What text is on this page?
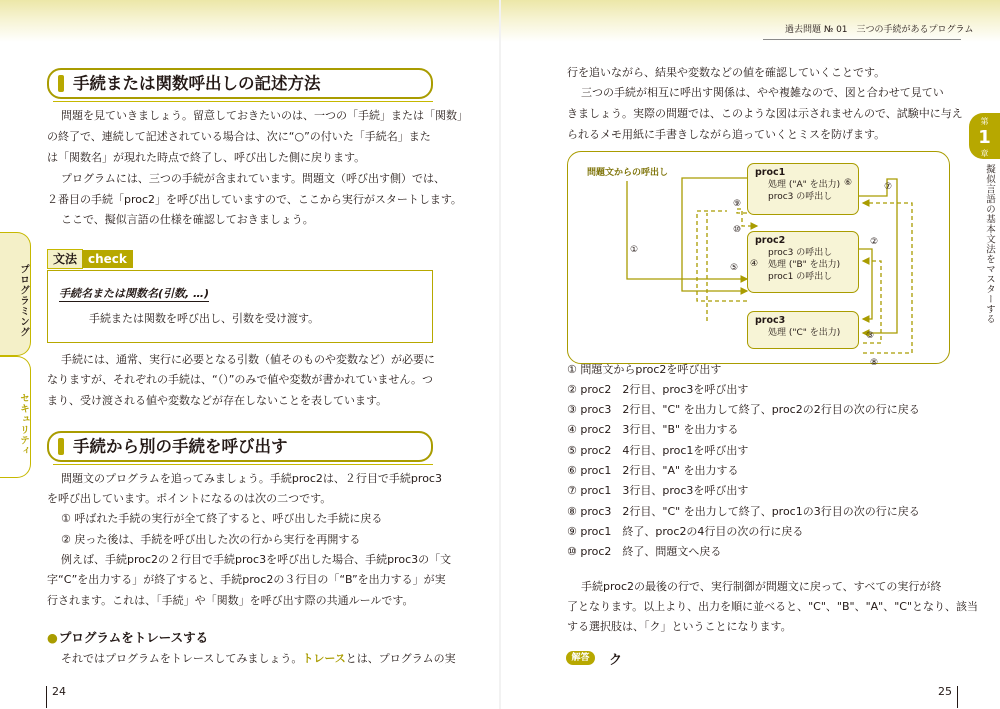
過去問題 № 01　三つの手続があるプログラム
プログラミング
セキュリティ
第
1
章
擬似言語の基本文法をマスターする
手続または関数呼出しの記述方法
問題を見ていきましょう。留意しておきたいのは、一つの「手続」または「関数」
の終了で、連続して記述されている場合は、次に“○”の付いた「手続名」また
は「関数名」が現れた時点で終了し、呼び出した側に戻ります。
プログラムには、三つの手続が含まれています。問題文（呼び出す側）では、
２番目の手続「proc2」を呼び出していますので、ここから実行がスタートします。
ここで、擬似言語の仕様を確認しておきましょう。
文法 check
手続名または関数名(引数, …)
手続または関数を呼び出し、引数を受け渡す。
手続には、通常、実行に必要となる引数（値そのものや変数など）が必要に
なりますが、それぞれの手続は、“（）”のみで値や変数が書かれていません。つ
まり、受け渡される値や変数などが存在しないことを表しています。
手続から別の手続を呼び出す
問題文のプログラムを追ってみましょう。手続proc2は、２行目で手続proc3
を呼び出しています。ポイントになるのは次の二つです。
① 呼ばれた手続の実行が全て終了すると、呼び出した手続に戻る
② 戻った後は、手続を呼び出した次の行から実行を再開する
例えば、手続proc2の２行目で手続proc3を呼び出した場合、手続proc3の「文
字“C”を出力する」が終了すると、手続proc2の３行目の「“B”を出力する」が実
行されます。これは、「手続」や「関数」を呼び出す際の共通ルールです。
● プログラムをトレースする
それではプログラムをトレースしてみましょう。トレースとは、プログラムの実
行を追いながら、結果や変数などの値を確認していくことです。
三つの手続が相互に呼出す関係は、やや複雑なので、図と合わせて見てい
きましょう。実際の問題では、このような図は示されませんので、試験中に与え
られるメモ用紙に手書きしながら追っていくとミスを防げます。
問題文からの呼出し	proc1
処理 ("A" を出力)
proc3 の呼出し
proc2
proc3 の呼出し
処理 ("B" を出力)
proc1 の呼出し
proc3
処理 ("C" を出力)
①
②
③
④
⑤
⑥	⑦
⑧
⑨
⑩
① 問題文からproc2を呼び出す
② proc2　2行目、proc3を呼び出す
③ proc3　2行目、"C" を出力して終了、proc2の2行目の次の行に戻る
④ proc2　3行目、"B" を出力する
⑤ proc2　4行目、proc1を呼び出す
⑥ proc1　2行目、"A" を出力する
⑦ proc1　3行目、proc3を呼び出す
⑧ proc3　2行目、"C" を出力して終了、proc1の3行目の次の行に戻る
⑨ proc1　終了、proc2の4行目の次の行に戻る
⑩ proc2　終了、問題文へ戻る
手続proc2の最後の行で、実行制御が問題文に戻って、すべての実行が終
了となります。以上より、出力を順に並べると、"C"、"B"、"A"、"C"となり、該当
する選択肢は、「ク」ということになります。
解答	ク
24	25
